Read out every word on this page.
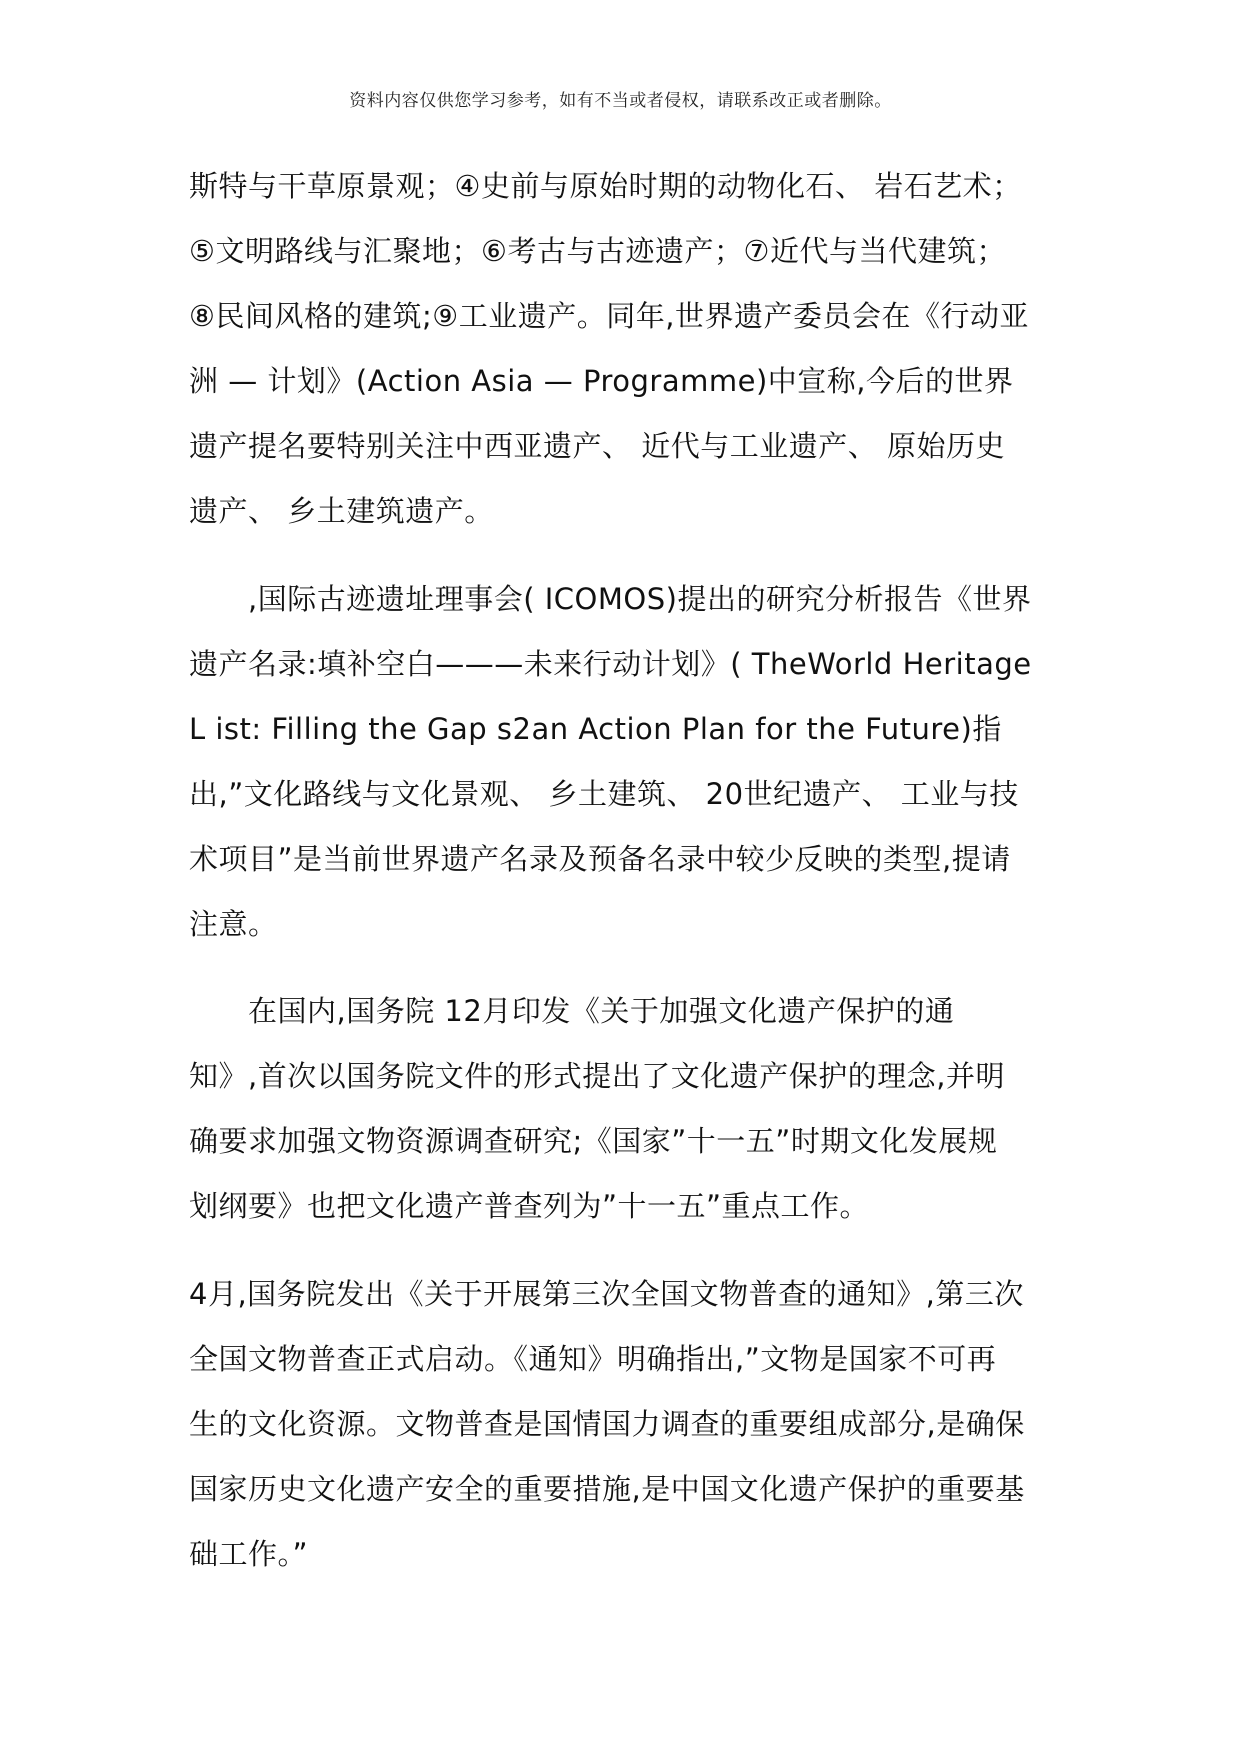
资料内容仅供您学习参考，如有不当或者侵权，请联系改正或者删除。
斯特与干草原景观；④史前与原始时期的动物化石、 岩石艺术；
⑤文明路线与汇聚地；⑥考古与古迹遗产；⑦近代与当代建筑；
⑧民间风格的建筑;⑨工业遗产。同年,世界遗产委员会在《行动亚
洲 — 计划》(Action Asia — Programme)中宣称,今后的世界
遗产提名要特别关注中西亚遗产、 近代与工业遗产、 原始历史
遗产、 乡土建筑遗产。
　　,国际古迹遗址理事会( ICOMOS)提出的研究分析报告《世界
遗产名录:填补空白———未来行动计划》( TheWorld Heritage
L ist: Filling the Gap s2an Action Plan for the Future)指
出,”文化路线与文化景观、 乡土建筑、 20世纪遗产、 工业与技
术项目”是当前世界遗产名录及预备名录中较少反映的类型,提请
注意。
　　在国内,国务院 12月印发《关于加强文化遗产保护的通
知》,首次以国务院文件的形式提出了文化遗产保护的理念,并明
确要求加强文物资源调查研究;《国家”十一五”时期文化发展规
划纲要》也把文化遗产普查列为”十一五”重点工作。
4月,国务院发出《关于开展第三次全国文物普查的通知》,第三次
全国文物普查正式启动。《通知》明确指出,”文物是国家不可再
生的文化资源。文物普查是国情国力调查的重要组成部分,是确保
国家历史文化遗产安全的重要措施,是中国文化遗产保护的重要基
础工作。”
